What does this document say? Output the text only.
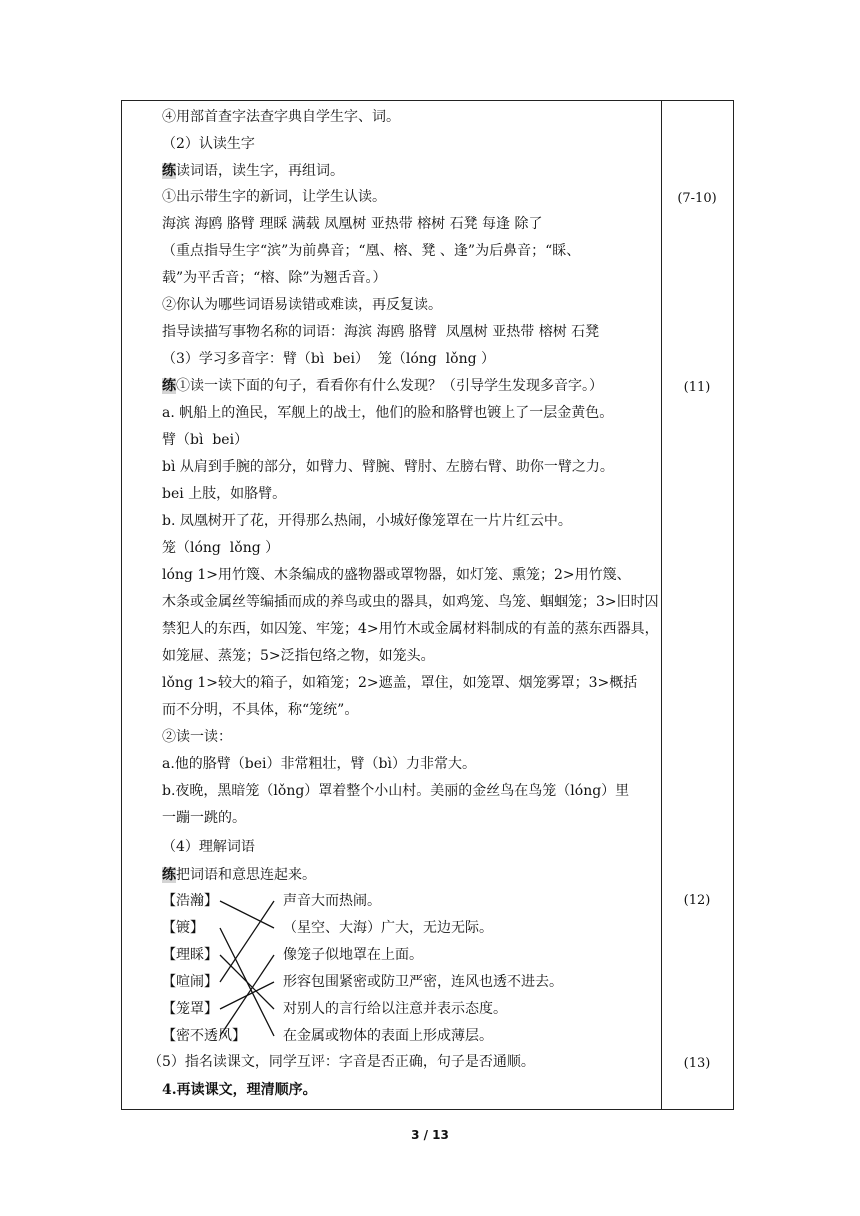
④用部首查字法查字典自学生字、词。
（2）认读生字
练读词语，读生字，再组词。
①出示带生字的新词，让学生认读。
海滨 海鸥 胳臂 理睬 满载 凤凰树 亚热带 榕树 石凳 每逢 除了
（重点指导生字“滨”为前鼻音；“凰、榕、凳 、逢”为后鼻音；“睬、
载”为平舌音；“榕、除”为翘舌音。）
②你认为哪些词语易读错或难读，再反复读。
指导读描写事物名称的词语：海滨 海鸥 胳臂  凤凰树 亚热带 榕树 石凳
（3）学习多音字：臂（bì  bei）  笼（lóng  lǒng ）
练①读一读下面的句子，看看你有什么发现？（引导学生发现多音字。）
a. 帆船上的渔民，军舰上的战士，他们的脸和胳臂也镀上了一层金黄色。
臂（bì  bei）
bì 从肩到手腕的部分，如臂力、臂腕、臂肘、左膀右臂、助你一臂之力。
bei 上肢，如胳臂。
b. 凤凰树开了花，开得那么热闹，小城好像笼罩在一片片红云中。
笼（lóng  lǒng ）
lóng 1>用竹篾、木条编成的盛物器或罩物器，如灯笼、熏笼；2>用竹篾、
木条或金属丝等编插而成的养鸟或虫的器具，如鸡笼、鸟笼、蝈蝈笼；3>旧时囚
禁犯人的东西，如囚笼、牢笼；4>用竹木或金属材料制成的有盖的蒸东西器具，
如笼屉、蒸笼；5>泛指包络之物，如笼头。
lǒng 1>较大的箱子，如箱笼；2>遮盖，罩住，如笼罩、烟笼雾罩；3>概括
而不分明，不具体，称“笼统”。
②读一读：
a.他的胳臂（bei）非常粗壮，臂（bì）力非常大。
b.夜晚，黑暗笼（lǒng）罩着整个小山村。美丽的金丝鸟在鸟笼（lóng）里
一蹦一跳的。
（4）理解词语
练把词语和意思连起来。
【浩瀚】
【镀】
【理睬】
【喧闹】
【笼罩】
【密不透风】
声音大而热闹。
（星空、大海）广大，无边无际。
像笼子似地罩在上面。
形容包围紧密或防卫严密，连风也透不进去。
对别人的言行给以注意并表示态度。
在金属或物体的表面上形成薄层。
（5）指名读课文，同学互评：字音是否正确，句子是否通顺。
4.再读课文，理清顺序。
(7-10)
(11)
(12)
(13)
3 / 13
